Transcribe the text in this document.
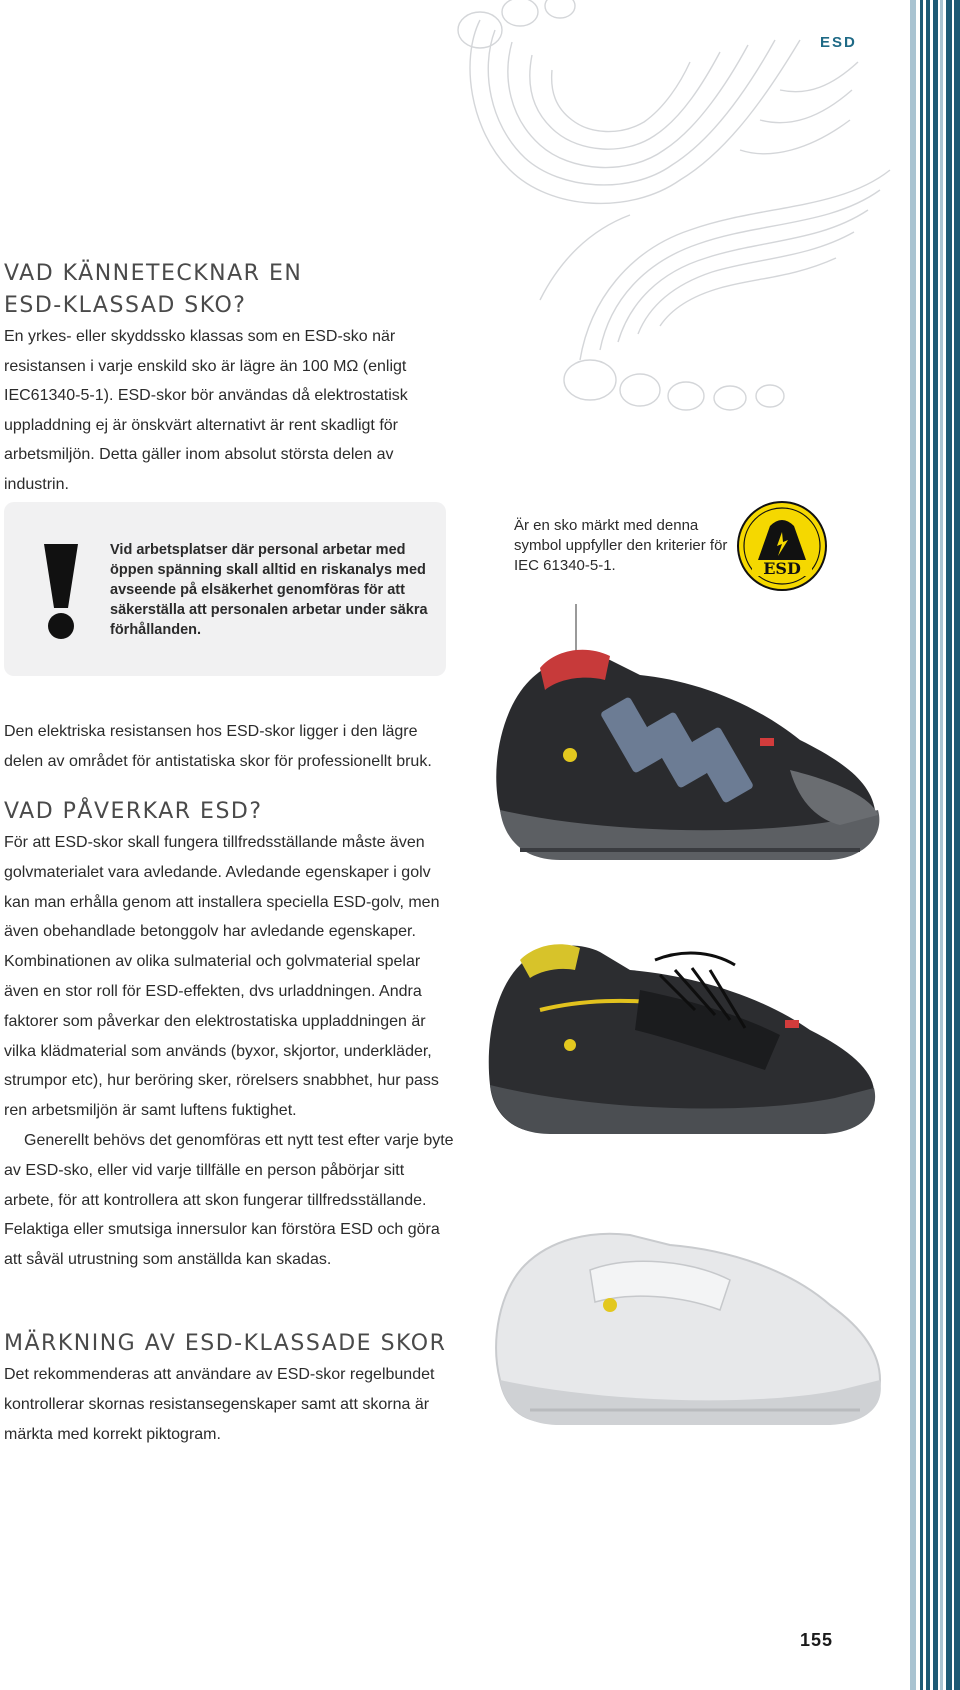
ESD
VAD KÄNNETECKNAR EN
ESD-KLASSAD SKO?

En yrkes- eller skyddssko klassas som en ESD-sko när resistansen i varje enskild sko är lägre än 100 MΩ (enligt IEC61340-5-1). ESD-skor bör användas då elektrostatisk uppladdning ej är önskvärt alternativt är rent skadligt för arbetsmiljön. Detta gäller inom absolut största delen av industrin.

Vid arbetsplatser där personal arbetar med öppen spänning skall alltid en riskanalys med avseende på elsäkerhet genomföras för att säkerställa att personalen arbetar under säkra förhållanden.
Är en sko märkt med denna symbol uppfyller den kriterier för IEC 61340-5-1.	ESD

Den elektriska resistansen hos ESD-skor ligger i den lägre delen av området för antistatiska skor för professionellt bruk.

VAD PÅVERKAR ESD?

För att ESD-skor skall fungera tillfredsställande måste även golvmaterialet vara avledande. Avledande egenskaper i golv kan man erhålla genom att installera speciella ESD-golv, men även obehandlade betonggolv har avledande egenskaper. Kombinationen av olika sulmaterial och golvmaterial spelar även en stor roll för ESD-effekten, dvs urladdningen. Andra faktorer som påverkar den elektrostatiska uppladdningen är vilka klädmaterial som används (byxor, skjortor, underkläder, strumpor etc), hur beröring sker, rörelsers snabbhet, hur pass ren arbetsmiljön är samt luftens fuktighet.

Generellt behövs det genomföras ett nytt test efter varje byte av ESD-sko, eller vid varje tillfälle en person påbörjar sitt arbete, för att kontrollera att skon fungerar tillfredsställande. Felaktiga eller smutsiga innersulor kan förstöra ESD och göra att såväl utrustning som anställda kan skadas.

MÄRKNING AV ESD-KLASSADE SKOR

Det rekommenderas att användare av ESD-skor regelbundet kontrollerar skornas resistansegenskaper samt att skorna är märkta med korrekt piktogram.

155
